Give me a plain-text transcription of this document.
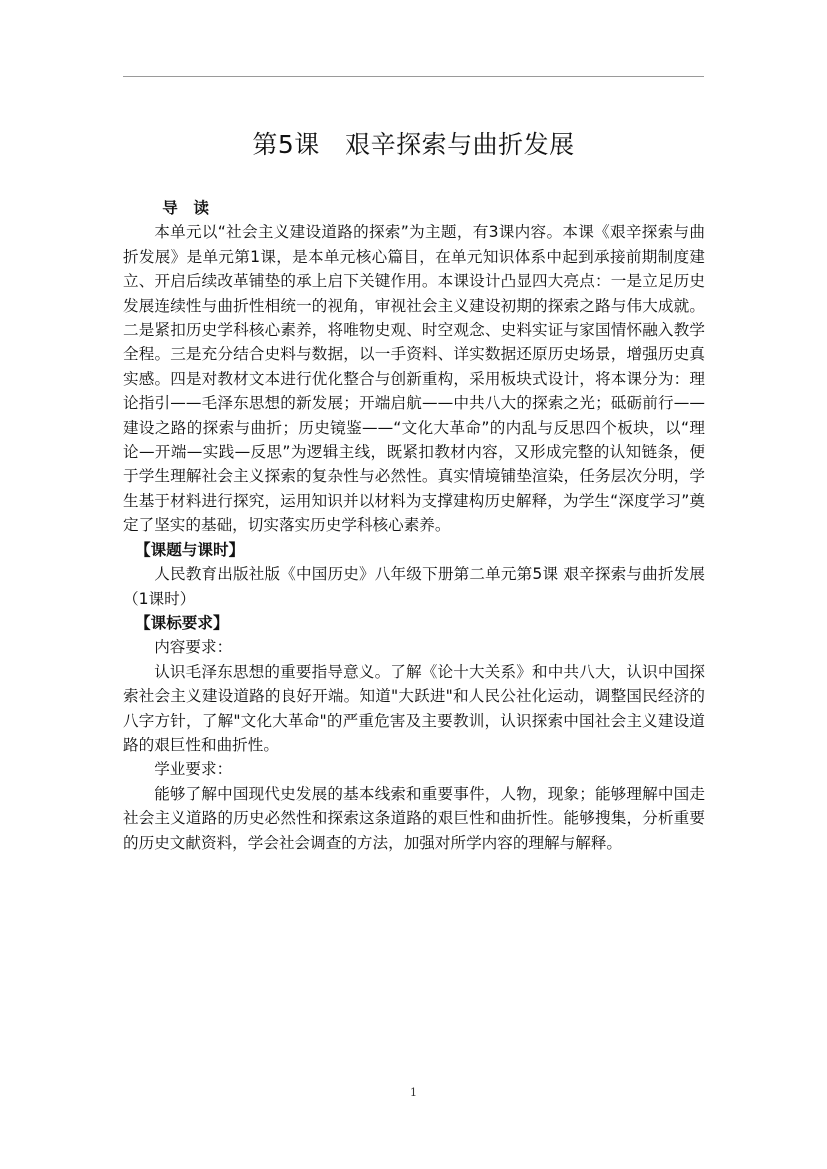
第5课   艰辛探索与曲折发展

导　读

本单元以“社会主义建设道路的探索”为主题，有3课内容。本课《艰辛探索与曲折发展》是单元第1课，是本单元核心篇目，在单元知识体系中起到承接前期制度建立、开启后续改革铺垫的承上启下关键作用。本课设计凸显四大亮点：一是立足历史发展连续性与曲折性相统一的视角，审视社会主义建设初期的探索之路与伟大成就。二是紧扣历史学科核心素养，将唯物史观、时空观念、史料实证与家国情怀融入教学全程。三是充分结合史料与数据，以一手资料、详实数据还原历史场景，增强历史真实感。四是对教材文本进行优化整合与创新重构，采用板块式设计，将本课分为：理论指引——毛泽东思想的新发展；开端启航——中共八大的探索之光；砥砺前行——建设之路的探索与曲折；历史镜鉴——“文化大革命”的内乱与反思四个板块，以“理论—开端—实践—反思”为逻辑主线，既紧扣教材内容，又形成完整的认知链条，便于学生理解社会主义探索的复杂性与必然性。真实情境铺垫渲染，任务层次分明，学生基于材料进行探究，运用知识并以材料为支撑建构历史解释，为学生“深度学习”奠定了坚实的基础，切实落实历史学科核心素养。

【课题与课时】

人民教育出版社版《中国历史》八年级下册第二单元第5课 艰辛探索与曲折发展（1课时）

【课标要求】

内容要求：

认识毛泽东思想的重要指导意义。了解《论十大关系》和中共八大，认识中国探索社会主义建设道路的良好开端。知道"大跃进"和人民公社化运动，调整国民经济的八字方针，了解"文化大革命"的严重危害及主要教训，认识探索中国社会主义建设道路的艰巨性和曲折性。

学业要求：

能够了解中国现代史发展的基本线索和重要事件，人物，现象；能够理解中国走社会主义道路的历史必然性和探索这条道路的艰巨性和曲折性。能够搜集，分析重要的历史文献资料，学会社会调查的方法，加强对所学内容的理解与解释。

1
